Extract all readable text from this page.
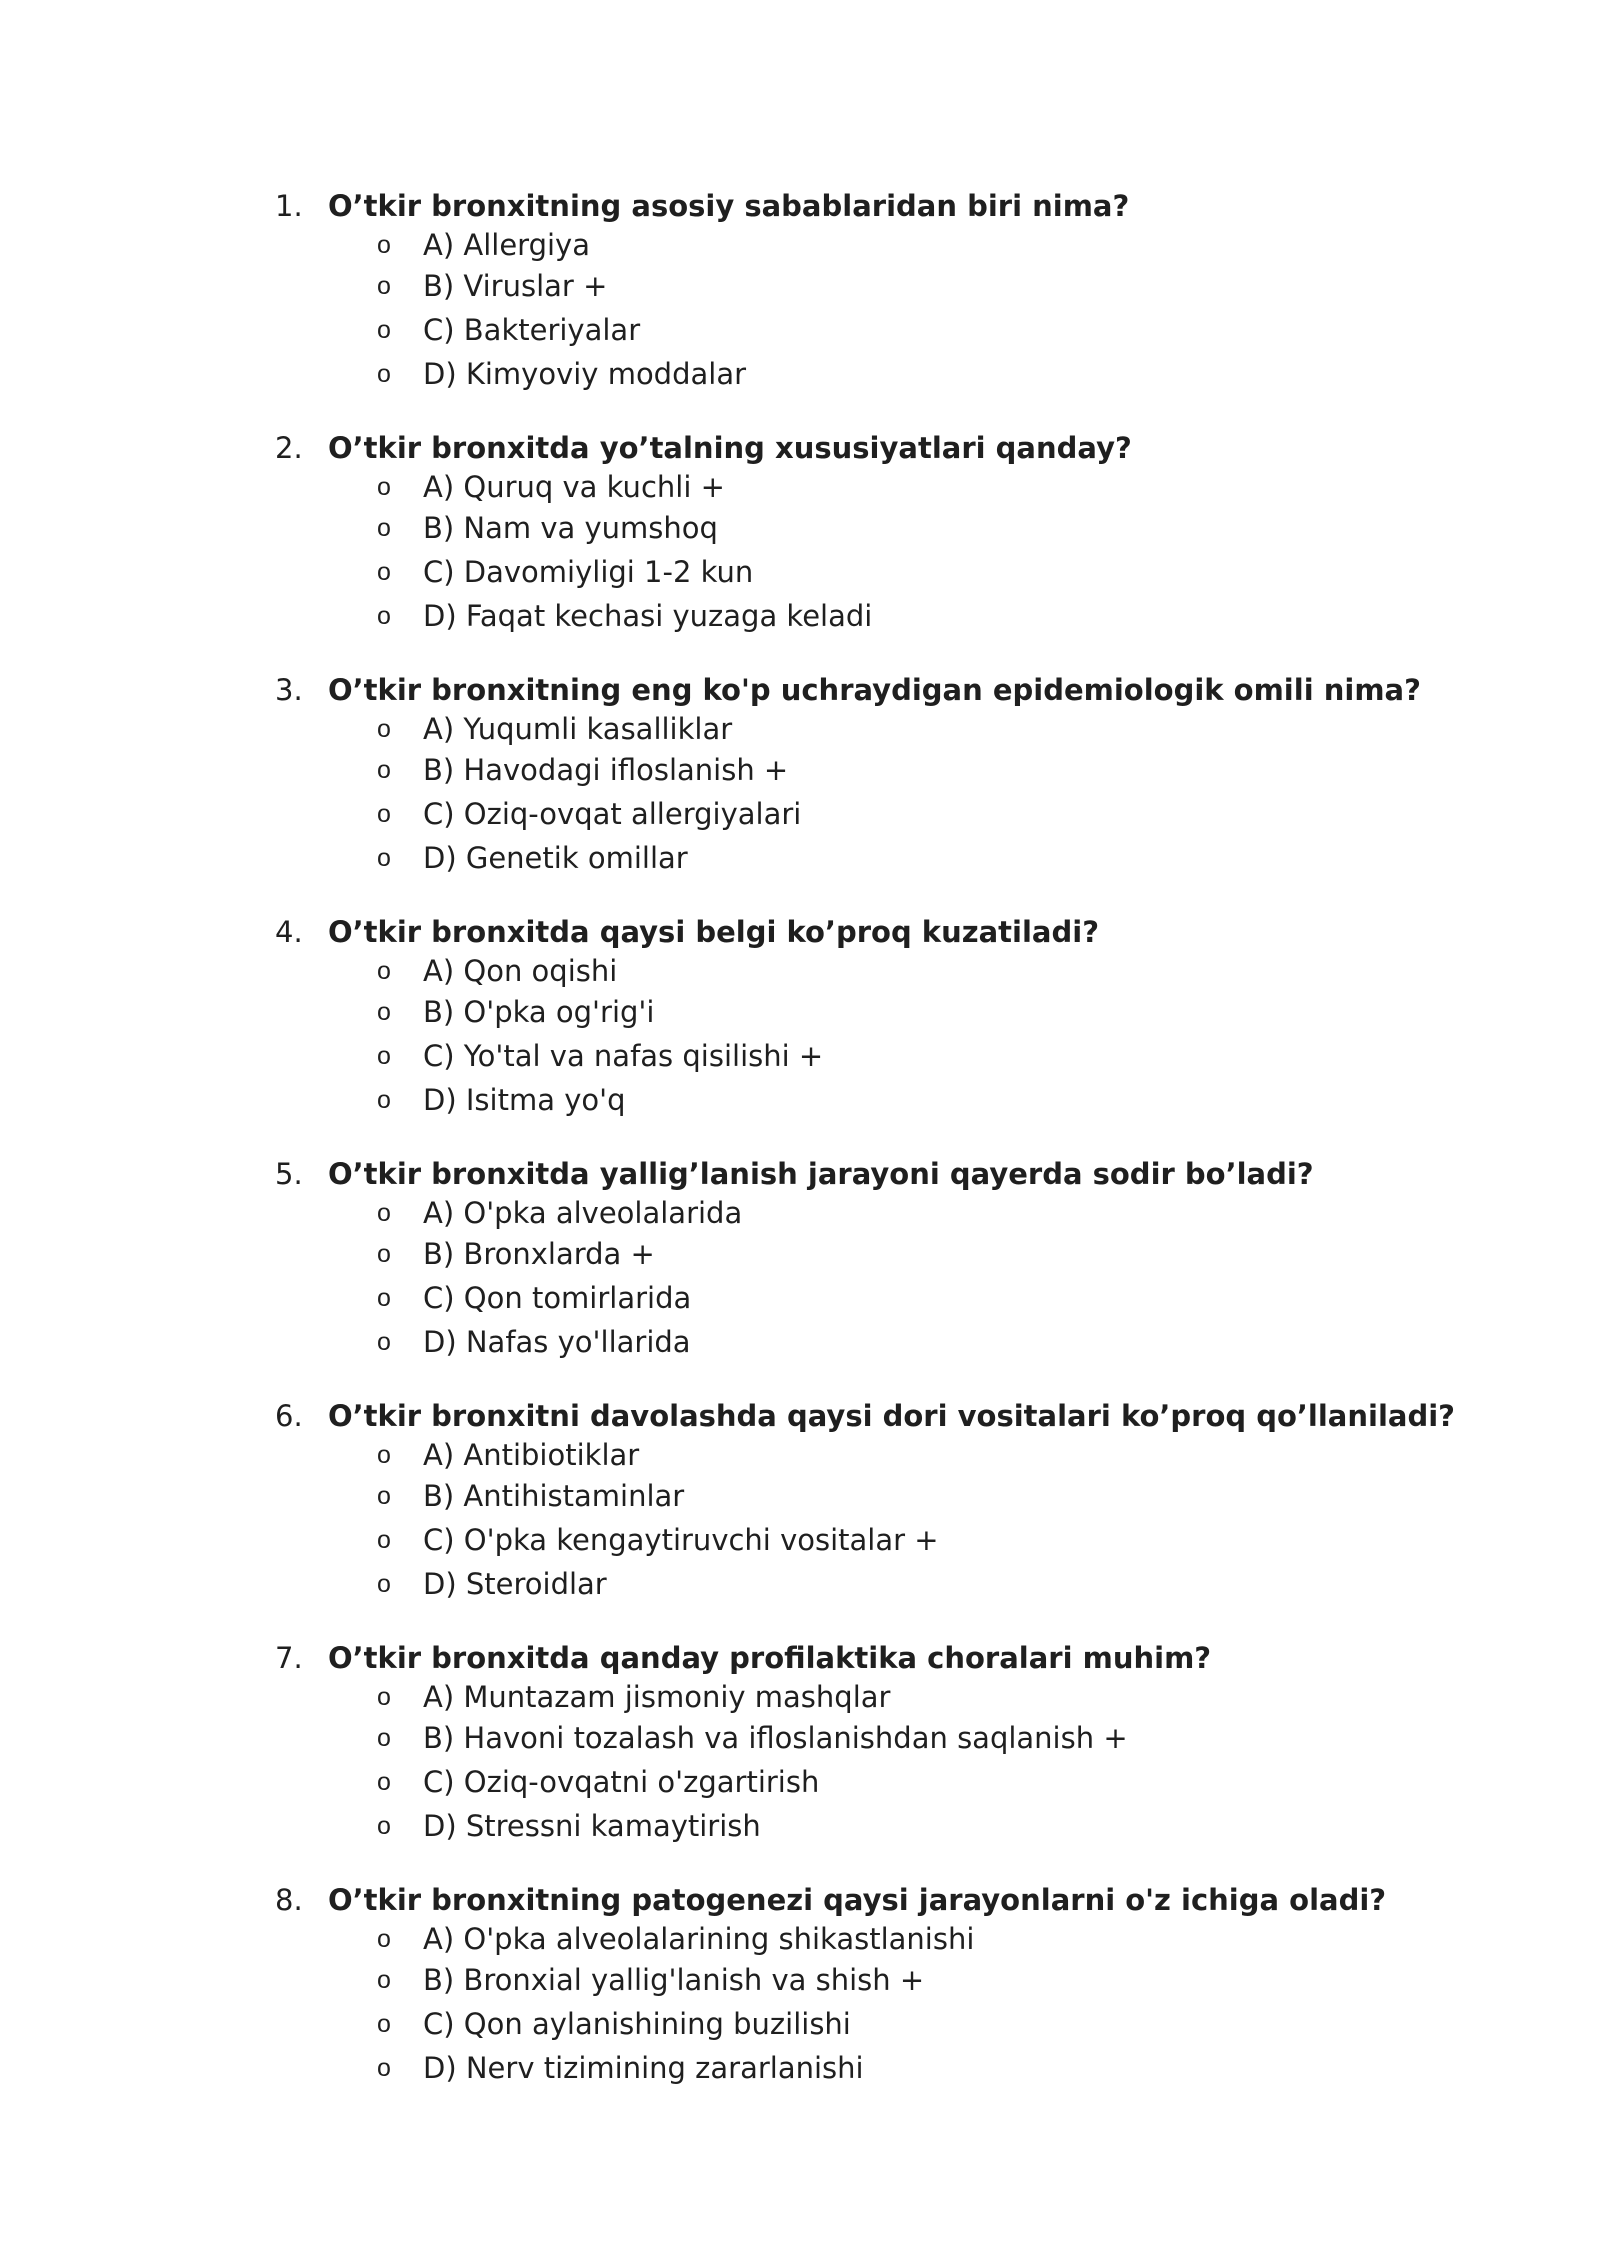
1. O’tkir bronxitning asosiy sabablaridan biri nima?
o A) Allergiya
o B) Viruslar +
o C) Bakteriyalar
o D) Kimyoviy moddalar
2. O’tkir bronxitda yo’talning xususiyatlari qanday?
o A) Quruq va kuchli +
o B) Nam va yumshoq
o C) Davomiyligi 1-2 kun
o D) Faqat kechasi yuzaga keladi
3. O’tkir bronxitning eng ko'p uchraydigan epidemiologik omili nima?
o A) Yuqumli kasalliklar
o B) Havodagi ifloslanish +
o C) Oziq-ovqat allergiyalari
o D) Genetik omillar
4. O’tkir bronxitda qaysi belgi ko’proq kuzatiladi?
o A) Qon oqishi
o B) O'pka og'rig'i
o C) Yo'tal va nafas qisilishi +
o D) Isitma yo'q
5. O’tkir bronxitda yallig’lanish jarayoni qayerda sodir bo’ladi?
o A) O'pka alveolalarida
o B) Bronxlarda +
o C) Qon tomirlarida
o D) Nafas yo'llarida
6. O’tkir bronxitni davolashda qaysi dori vositalari ko’proq qo’llaniladi?
o A) Antibiotiklar
o B) Antihistaminlar
o C) O'pka kengaytiruvchi vositalar +
o D) Steroidlar
7. O’tkir bronxitda qanday profilaktika choralari muhim?
o A) Muntazam jismoniy mashqlar
o B) Havoni tozalash va ifloslanishdan saqlanish +
o C) Oziq-ovqatni o'zgartirish
o D) Stressni kamaytirish
8. O’tkir bronxitning patogenezi qaysi jarayonlarni o'z ichiga oladi?
o A) O'pka alveolalarining shikastlanishi
o B) Bronxial yallig'lanish va shish +
o C) Qon aylanishining buzilishi
o D) Nerv tizimining zararlanishi
